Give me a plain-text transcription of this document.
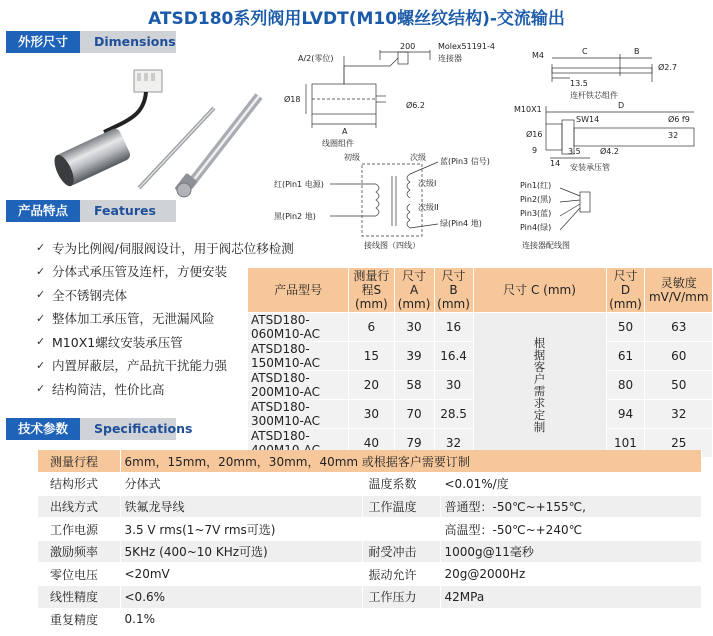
ATSD180系列阀用LVDT(M10螺丝纹结构)-交流输出
外形尺寸	Dimensions	200	Molex51191-4
连接器
A/2(零位)
Ø18
Ø6.2
A
线圈组件
M4	C	B
Ø2.7
13.5
连杆铁芯组件
M10X1	D
SW14
Ø16
Ø6 f9
9	3.5 Ø4.2
32
14 安装承压管
初级	次级
次级I
次级II
红(Pin1 电源)
黑(Pin2 地)
蓝(Pin3 信号)
绿(Pin4 地)
接线图（四线）
Pin1(红)
Pin2(黑)
Pin3(蓝)
Pin4(绿)
连接器配线图
产品特点	Features
✓ 专为比例阀/伺服阀设计，用于阀芯位移检测
✓ 分体式承压管及连杆，方便安装
✓ 全不锈钢壳体
✓ 整体加工承压管，无泄漏风险
✓ M10X1螺纹安装承压管
✓ 内置屏蔽层，产品抗干扰能力强
✓ 结构简洁，性价比高
产品型号	测量行程S (mm)	尺寸 A (mm)	尺寸 B (mm)	尺寸 C (mm)	尺寸 D (mm)	灵敏度 mV/V/mm
ATSD180-060M10-AC	6	30	16	根据客户需求定制	50	63
ATSD180-150M10-AC	15	39	16.4		61	60
ATSD180-200M10-AC	20	58	30		80	50
ATSD180-300M10-AC	30	70	28.5		94	32
ATSD180-	40	79	32		101	25
技术参数	Specifications
测量行程	6mm，15mm，20mm，30mm，40mm 或根据客户需要订制		
结构形式	分体式	温度系数	<0.01%/度
出线方式	铁氟龙导线	工作温度	普通型：-50℃~+155℃,
工作电源	3.5 V rms(1~7V rms可选)		高温型：-50℃~+240℃
激励频率	5KHz (400~10 KHz可选)	耐受冲击	1000g@11毫秒
零位电压	<20mV	振动允许	20g@2000Hz
线性精度	<0.6%	工作压力	42MPa
重复精度	0.1%		
